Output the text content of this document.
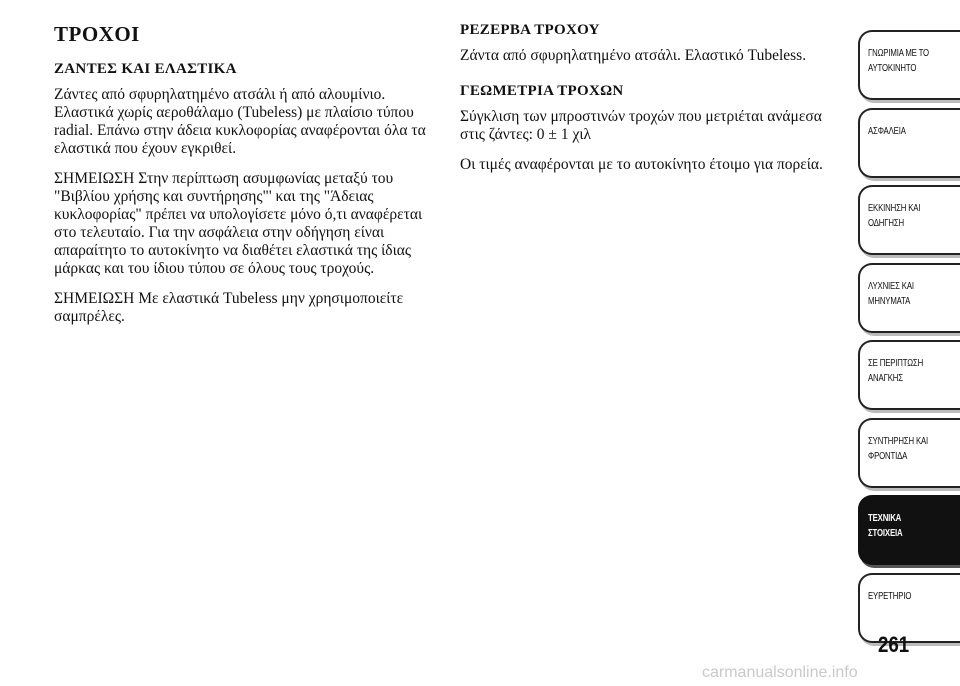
ΤΡΟΧΟΙ
ΖΑΝΤΕΣ ΚΑΙ ΕΛΑΣΤΙΚΑ

Ζάντες από σφυρηλατημένο ατσάλι ή από αλουμίνιο. Ελαστικά χωρίς αεροθάλαμο (Tubeless) με πλαίσιο τύπου radial. Επάνω στην άδεια κυκλοφορίας αναφέρονται όλα τα ελαστικά που έχουν εγκριθεί.

ΣΗΜΕΙΩΣΗ Στην περίπτωση ασυμφωνίας μεταξύ του "Βιβλίου χρήσης και συντήρησης"' και της "Άδειας κυκλοφορίας" πρέπει να υπολογίσετε μόνο ό,τι αναφέρεται στο τελευταίο. Για την ασφάλεια στην οδήγηση είναι απαραίτητο το αυτοκίνητο να διαθέτει ελαστικά της ίδιας μάρκας και του ίδιου τύπου σε όλους τους τροχούς.

ΣΗΜΕΙΩΣΗ Με ελαστικά Tubeless μην χρησιμοποιείτε σαμπρέλες.

ΡΕΖΕΡΒΑ ΤΡΟΧΟΥ

Ζάντα από σφυρηλατημένο ατσάλι. Ελαστικό Tubeless.

ΓΕΩΜΕΤΡΙΑ ΤΡΟΧΩΝ

Σύγκλιση των μπροστινών τροχών που μετριέται ανάμεσα στις ζάντες: 0 ± 1 χιλ

Οι τιμές αναφέρονται με το αυτοκίνητο έτοιμο για πορεία.

ΓΝΩΡΙΜΙΑ ΜΕ ΤΟ
ΑΥΤΟΚΙΝΗΤΟ
ΑΣΦΑΛΕΙΑ
ΕΚΚΙΝΗΣΗ ΚΑΙ
ΟΔΗΓΗΣΗ
ΛΥΧΝΙΕΣ ΚΑΙ
ΜΗΝΥΜΑΤΑ
ΣΕ ΠΕΡΙΠΤΩΣΗ
ΑΝΑΓΚΗΣ
ΣΥΝΤΗΡΗΣΗ ΚΑΙ
ΦΡΟΝΤΙΔΑ
ΤΕΧΝΙΚΑ
ΣΤΟΙΧΕΙΑ
ΕΥΡΕΤΗΡΙΟ
261
carmanualsonline.info
